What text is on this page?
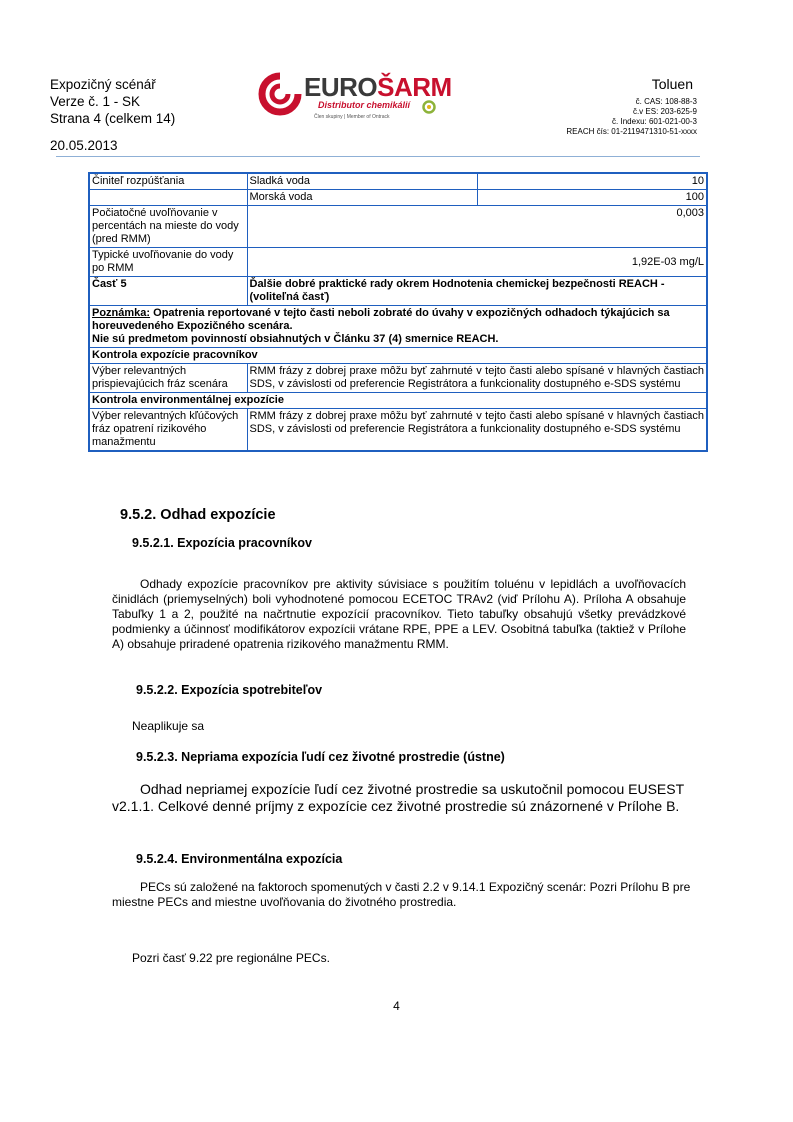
Expozičný scénář
Verze č. 1 - SK
Strana 4 (celkem 14)
20.05.2013
EUROŠARM
Distributor chemikálií
Člen skupiny | Member of Ontrack
Toluen
č. CAS: 108-88-3
č.v ES: 203-625-9
č. Indexu: 601-021-00-3
REACH čís: 01-2119471310-51-xxxx
Činiteľ rozpúšťania	Sladká voda	10
	Morská voda	100
Počiatočné uvoľňovanie v percentách na mieste do vody (pred RMM)	0,003	
Typické uvoľňovanie do vody po RMM	1,92E-03 mg/L	
Časť 5	Ďalšie dobré praktické rady okrem Hodnotenia chemickej bezpečnosti REACH - (voliteľná časť)	
Poznámka: Opatrenia reportované v tejto časti neboli zobraté do úvahy v expozičných odhadoch týkajúcich sa horeuvedeného Expozičného scenára.
Nie sú predmetom povinností obsiahnutých v Článku 37 (4) smernice REACH.		
Kontrola expozície pracovníkov		
Výber relevantných prispievajúcich fráz scenára	RMM frázy z dobrej praxe môžu byť zahrnuté v tejto časti alebo spísané v hlavných častiach SDS, v závislosti od preferencie Registrátora a funkcionality dostupného e-SDS systému	
Kontrola environmentálnej expozície		
Výber relevantných kľúčových fráz opatrení rizikového manažmentu	RMM frázy z dobrej praxe môžu byť zahrnuté v tejto časti alebo spísané v hlavných častiach SDS, v závislosti od preferencie Registrátora a funkcionality dostupného e-SDS systému	
9.5.2. Odhad expozície
9.5.2.1. Expozícia pracovníkov
Odhady expozície pracovníkov pre aktivity súvisiace s použitím toluénu v lepidlách a uvoľňovacích činidlách (priemyselných) boli vyhodnotené pomocou ECETOC TRAv2 (viď Prílohu A). Príloha A obsahuje Tabuľky 1 a 2, použité na načrtnutie expozícií pracovníkov. Tieto tabuľky obsahujú všetky prevádzkové podmienky a účinnosť modifikátorov expozícii vrátane RPE, PPE a LEV. Osobitná tabuľka (taktiež v Prílohe A) obsahuje priradené opatrenia rizikového manažmentu RMM.
9.5.2.2. Expozícia spotrebiteľov
Neaplikuje sa
9.5.2.3. Nepriama expozícia ľudí cez životné prostredie (ústne)
Odhad nepriamej expozície ľudí cez životné prostredie sa uskutočnil pomocou EUSEST v2.1.1. Celkové denné príjmy z expozície cez životné prostredie sú znázornené v Prílohe B.
9.5.2.4. Environmentálna expozícia
PECs sú založené na faktoroch spomenutých v časti 2.2 v 9.14.1 Expozičný scenár: Pozri Prílohu B pre miestne PECs and miestne uvoľňovania do životného prostredia.
Pozri časť 9.22 pre regionálne PECs.
4
